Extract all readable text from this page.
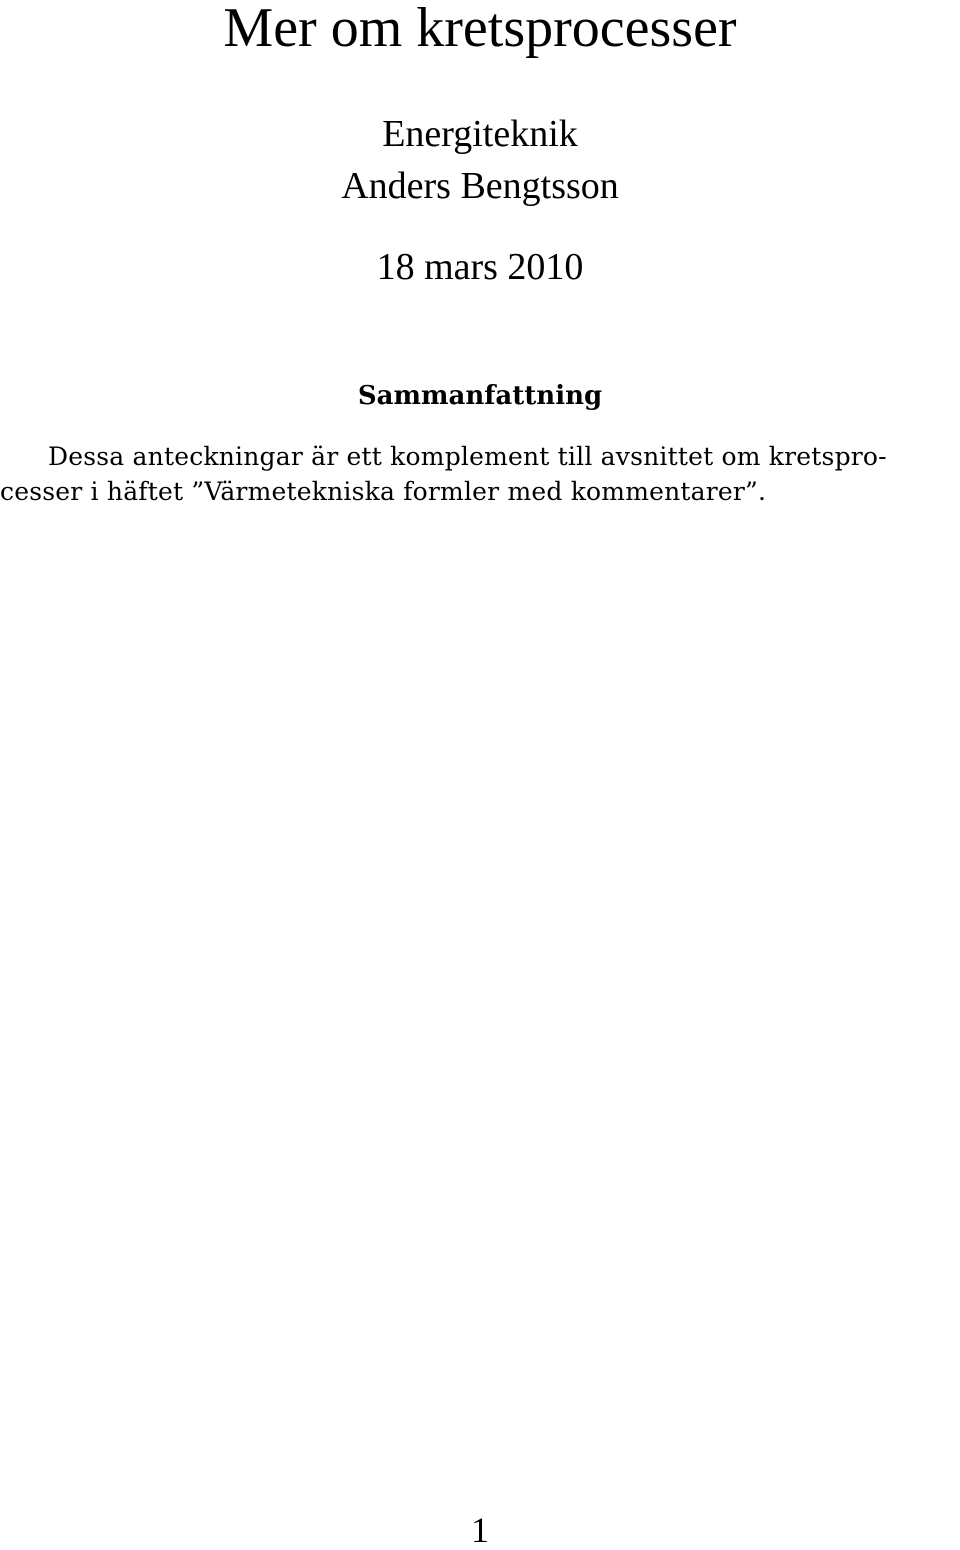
Mer om kretsprocesser
Energiteknik
Anders Bengtsson
18 mars 2010
Sammanfattning
Dessa anteckningar är ett komplement till avsnittet om kretspro-
cesser i häftet ”Värmetekniska formler med kommentarer”.
1
